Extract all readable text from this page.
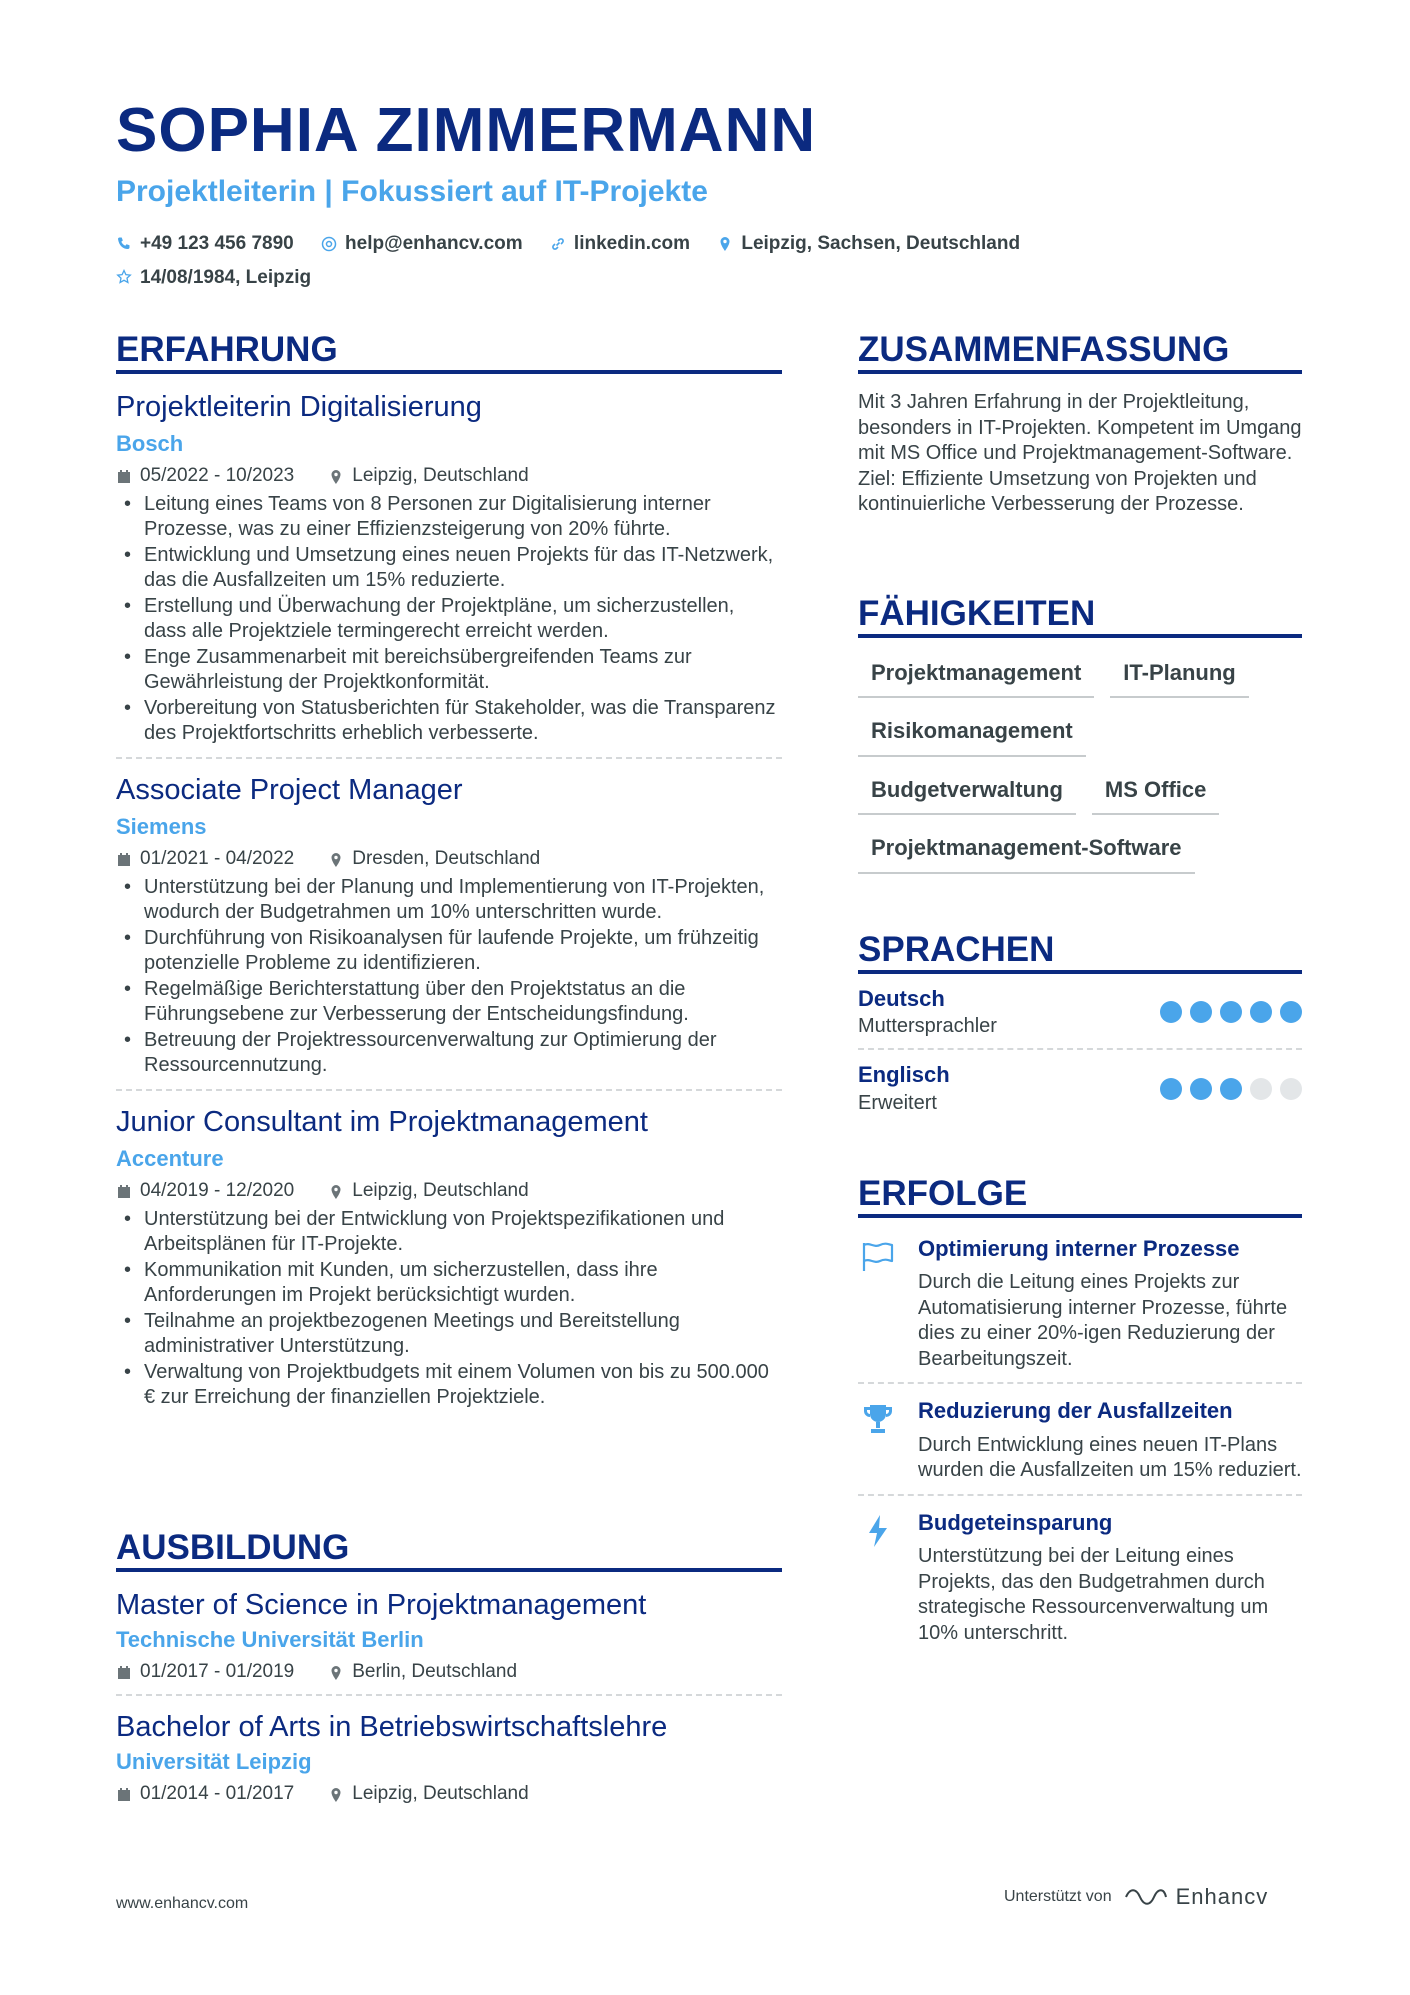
SOPHIA ZIMMERMANN
Projektleiterin | Fokussiert auf IT-Projekte
+49 123 456 7890
	help@enhancv.com
	linkedin.com
	Leipzig, Sachsen, Deutschland

14/08/1984, Leipzig
ERFAHRUNG
Projektleiterin Digitalisierung
Bosch
05/2022 - 10/2023	Leipzig, Deutschland
• Leitung eines Teams von 8 Personen zur Digitalisierung interner Prozesse, was zu einer Effizienzsteigerung von 20% führte.
• Entwicklung und Umsetzung eines neuen Projekts für das IT-Netzwerk, das die Ausfallzeiten um 15% reduzierte.
• Erstellung und Überwachung der Projektpläne, um sicherzustellen, dass alle Projektziele termingerecht erreicht werden.
• Enge Zusammenarbeit mit bereichsübergreifenden Teams zur Gewährleistung der Projektkonformität.
• Vorbereitung von Statusberichten für Stakeholder, was die Transparenz des Projektfortschritts erheblich verbesserte.
Associate Project Manager
Siemens
01/2021 - 04/2022	Dresden, Deutschland
• Unterstützung bei der Planung und Implementierung von IT-Projekten, wodurch der Budgetrahmen um 10% unterschritten wurde.
• Durchführung von Risikoanalysen für laufende Projekte, um frühzeitig potenzielle Probleme zu identifizieren.
• Regelmäßige Berichterstattung über den Projektstatus an die Führungsebene zur Verbesserung der Entscheidungsfindung.
• Betreuung der Projektressourcenverwaltung zur Optimierung der Ressourcennutzung.
Junior Consultant im Projektmanagement
Accenture
04/2019 - 12/2020	Leipzig, Deutschland
• Unterstützung bei der Entwicklung von Projektspezifikationen und Arbeitsplänen für IT-Projekte.
• Kommunikation mit Kunden, um sicherzustellen, dass ihre Anforderungen im Projekt berücksichtigt wurden.
• Teilnahme an projektbezogenen Meetings und Bereitstellung administrativer Unterstützung.
• Verwaltung von Projektbudgets mit einem Volumen von bis zu 500.000 € zur Erreichung der finanziellen Projektziele.
AUSBILDUNG
Master of Science in Projektmanagement
Technische Universität Berlin
01/2017 - 01/2019	Berlin, Deutschland
Bachelor of Arts in Betriebswirtschaftslehre
Universität Leipzig
01/2014 - 01/2017	Leipzig, Deutschland
ZUSAMMENFASSUNG
Mit 3 Jahren Erfahrung in der Projektleitung, besonders in IT-Projekten. Kompetent im Umgang mit MS Office und Projektmanagement-Software. Ziel: Effiziente Umsetzung von Projekten und kontinuierliche Verbesserung der Prozesse.
FÄHIGKEITEN
Projektmanagement	IT-Planung
Risikomanagement
Budgetverwaltung	MS Office
Projektmanagement-Software
SPRACHEN
Deutsch
Muttersprachler
Englisch
Erweitert
ERFOLGE
Optimierung interner Prozesse
Durch die Leitung eines Projekts zur Automatisierung interner Prozesse, führte dies zu einer 20%-igen Reduzierung der Bearbeitungszeit.
Reduzierung der Ausfallzeiten
Durch Entwicklung eines neuen IT-Plans wurden die Ausfallzeiten um 15% reduziert.
Budgeteinsparung
Unterstützung bei der Leitung eines Projekts, das den Budgetrahmen durch strategische Ressourcenverwaltung um 10% unterschritt.
www.enhancv.com	Unterstützt von	Enhancv
